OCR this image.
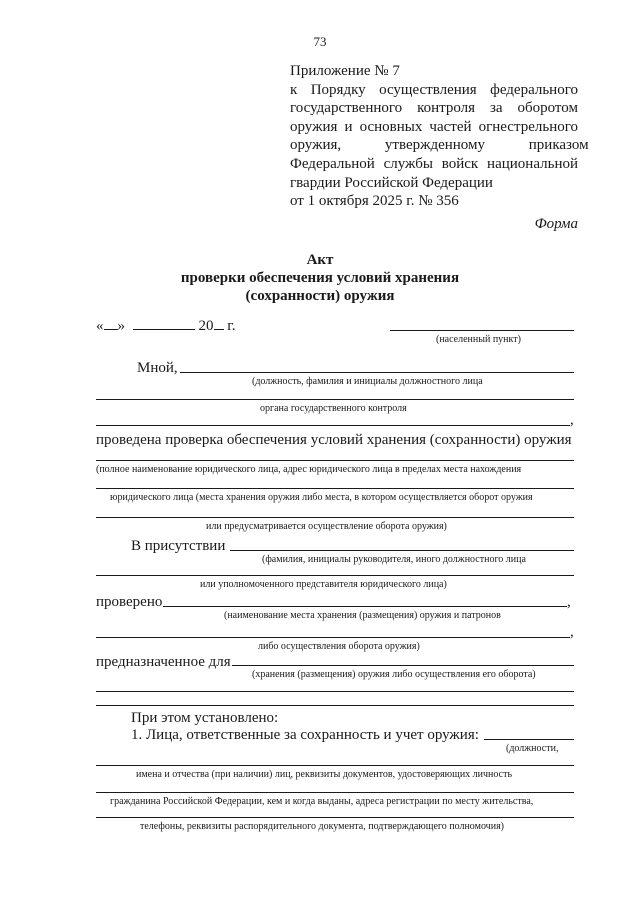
73
Приложение № 7
к Порядку осуществления федерального
государственного контроля за оборотом
оружия и основных частей огнестрельного
оружия, утвержденному приказом
Федеральной службы войск национальной
гвардии Российской Федерации
от 1 октября 2025 г. № 356
Форма
Акт
проверки обеспечения условий хранения
(сохранности) оружия
« »	20 г.
(населенный пункт)
Мной,
(должность, фамилия и инициалы должностного лица
органа государственного контроля
,
проведена проверка обеспечения условий хранения (сохранности) оружия
(полное наименование юридического лица, адрес юридического лица в пределах места нахождения
юридического лица (места хранения оружия либо места, в котором осуществляется оборот оружия
или предусматривается осуществление оборота оружия)
В присутствии
(фамилия, инициалы руководителя, иного должностного лица
или уполномоченного представителя юридического лица)
проверено	,
(наименование места хранения (размещения) оружия и патронов
,
либо осуществления оборота оружия)
предназначенное для
(хранения (размещения) оружия либо осуществления его оборота)
При этом установлено:
1. Лица, ответственные за сохранность и учет оружия:
(должности,
имена и отчества (при наличии) лиц, реквизиты документов, удостоверяющих личность
гражданина Российской Федерации, кем и когда выданы, адреса регистрации по месту жительства,
телефоны, реквизиты распорядительного документа, подтверждающего полномочия)
